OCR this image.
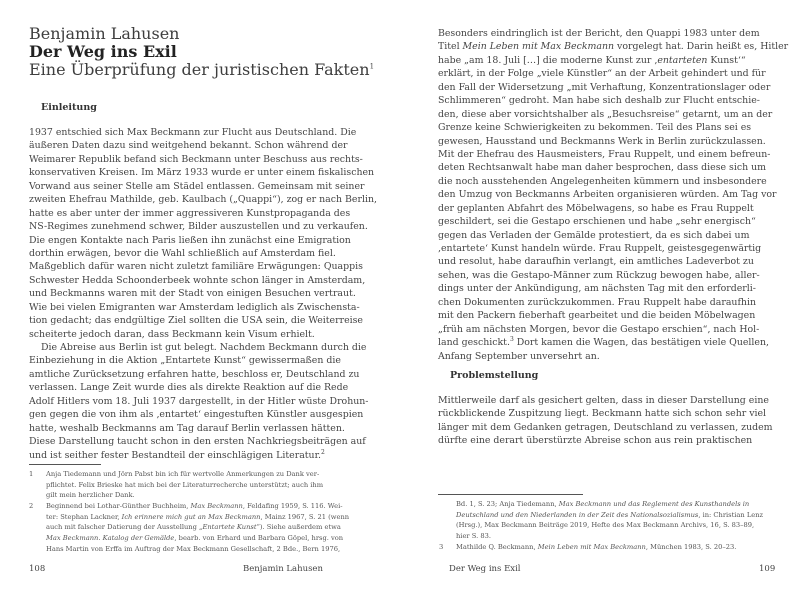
Benjamin Lahusen
Der Weg ins Exil
Eine Überprüfung der juristischen Fakten$^1$
Einleitung
1937 entschied sich Max Beckmann zur Flucht aus Deutschland. Die
äußeren Daten dazu sind weitgehend bekannt. Schon während der
Weimarer Republik befand sich Beckmann unter Beschuss aus rechts-
konservativen Kreisen. Im März 1933 wurde er unter einem fiskalischen
Vorwand aus seiner Stelle am Städel entlassen. Gemeinsam mit seiner
zweiten Ehefrau Mathilde, geb. Kaulbach („Quappi“), zog er nach Berlin,
hatte es aber unter der immer aggressiveren Kunstpropaganda des
NS-Regimes zunehmend schwer, Bilder auszustellen und zu verkaufen.
Die engen Kontakte nach Paris ließen ihn zunächst eine Emigration
dorthin erwägen, bevor die Wahl schließlich auf Amsterdam fiel.
Maßgeblich dafür waren nicht zuletzt familiäre Erwägungen: Quappis
Schwester Hedda Schoonderbeek wohnte schon länger in Amsterdam,
und Beckmanns waren mit der Stadt von einigen Besuchen vertraut.
Wie bei vielen Emigranten war Amsterdam lediglich als Zwischensta-
tion gedacht; das endgültige Ziel sollten die USA sein, die Weiterreise
scheiterte jedoch daran, dass Beckmann kein Visum erhielt.
Die Abreise aus Berlin ist gut belegt. Nachdem Beckmann durch die
Einbeziehung in die Aktion „Entartete Kunst“ gewissermaßen die
amtliche Zurücksetzung erfahren hatte, beschloss er, Deutschland zu
verlassen. Lange Zeit wurde dies als direkte Reaktion auf die Rede
Adolf Hitlers vom 18. Juli 1937 dargestellt, in der Hitler wüste Drohun-
gen gegen die von ihm als ‚entartet‘ eingestuften Künstler ausgespien
hatte, weshalb Beckmanns am Tag darauf Berlin verlassen hätten.
Diese Darstellung taucht schon in den ersten Nachkriegsbeiträgen auf
und ist seither fester Bestandteil der einschlägigen Literatur.$^2$
1 Anja Tiedemann und Jörn Pabst bin ich für wertvolle Anmerkungen zu Dank ver-
pflichtet. Felix Brieske hat mich bei der Literaturrecherche unterstützt; auch ihm
gilt mein herzlicher Dank.
2 Beginnend bei Lothar-Günther Buchheim, Max Beckmann, Feldafing 1959, S. 116. Wei-
ter: Stephan Lackner, Ich erinnere mich gut an Max Beckmann, Mainz 1967, S. 21 (wenn
auch mit falscher Datierung der Ausstellung „Entartete Kunst“). Siehe außerdem etwa
Max Beckmann. Katalog der Gemälde, bearb. von Erhard und Barbara Göpel, hrsg. von
Hans Martin von Erffa im Auftrag der Max Beckmann Gesellschaft, 2 Bde., Bern 1976,
108	Benjamin Lahusen
Besonders eindringlich ist der Bericht, den Quappi 1983 unter dem
Titel Mein Leben mit Max Beckmann vorgelegt hat. Darin heißt es, Hitler
habe „am 18. Juli […] die moderne Kunst zur ‚entarteten Kunst‘“
erklärt, in der Folge „viele Künstler“ an der Arbeit gehindert und für
den Fall der Widersetzung „mit Verhaftung, Konzentrationslager oder
Schlimmeren“ gedroht. Man habe sich deshalb zur Flucht entschie-
den, diese aber vorsichtshalber als „Besuchsreise“ getarnt, um an der
Grenze keine Schwierigkeiten zu bekommen. Teil des Plans sei es
gewesen, Hausstand und Beckmanns Werk in Berlin zurückzulassen.
Mit der Ehefrau des Hausmeisters, Frau Ruppelt, und einem befreun-
deten Rechtsanwalt habe man daher besprochen, dass diese sich um
die noch ausstehenden Angelegenheiten kümmern und insbesondere
den Umzug von Beckmanns Arbeiten organisieren würden. Am Tag vor
der geplanten Abfahrt des Möbelwagens, so habe es Frau Ruppelt
geschildert, sei die Gestapo erschienen und habe „sehr energisch“
gegen das Verladen der Gemälde protestiert, da es sich dabei um
‚entartete‘ Kunst handeln würde. Frau Ruppelt, geistesgegenwärtig
und resolut, habe daraufhin verlangt, ein amtliches Ladeverbot zu
sehen, was die Gestapo-Männer zum Rückzug bewogen habe, aller-
dings unter der Ankündigung, am nächsten Tag mit den erforderli-
chen Dokumenten zurückzukommen. Frau Ruppelt habe daraufhin
mit den Packern fieberhaft gearbeitet und die beiden Möbelwagen
„früh am nächsten Morgen, bevor die Gestapo erschien“, nach Hol-
land geschickt.$^3$ Dort kamen die Wagen, das bestätigen viele Quellen,
Anfang September unversehrt an.
Problemstellung
Mittlerweile darf als gesichert gelten, dass in dieser Darstellung eine
rückblickende Zuspitzung liegt. Beckmann hatte sich schon sehr viel
länger mit dem Gedanken getragen, Deutschland zu verlassen, zudem
dürfte eine derart überstürzte Abreise schon aus rein praktischen
Bd. 1, S. 23; Anja Tiedemann, Max Beckmann und das Reglement des Kunsthandels in
Deutschland und den Niederlanden in der Zeit des Nationalsozialismus, in: Christian Lenz
(Hrsg.), Max Beckmann Beiträge 2019, Hefte des Max Beckmann Archivs, 16, S. 83–89,
hier S. 83.
3 Mathilde Q. Beckmann, Mein Leben mit Max Beckmann, München 1983, S. 20–23.
Der Weg ins Exil	109
